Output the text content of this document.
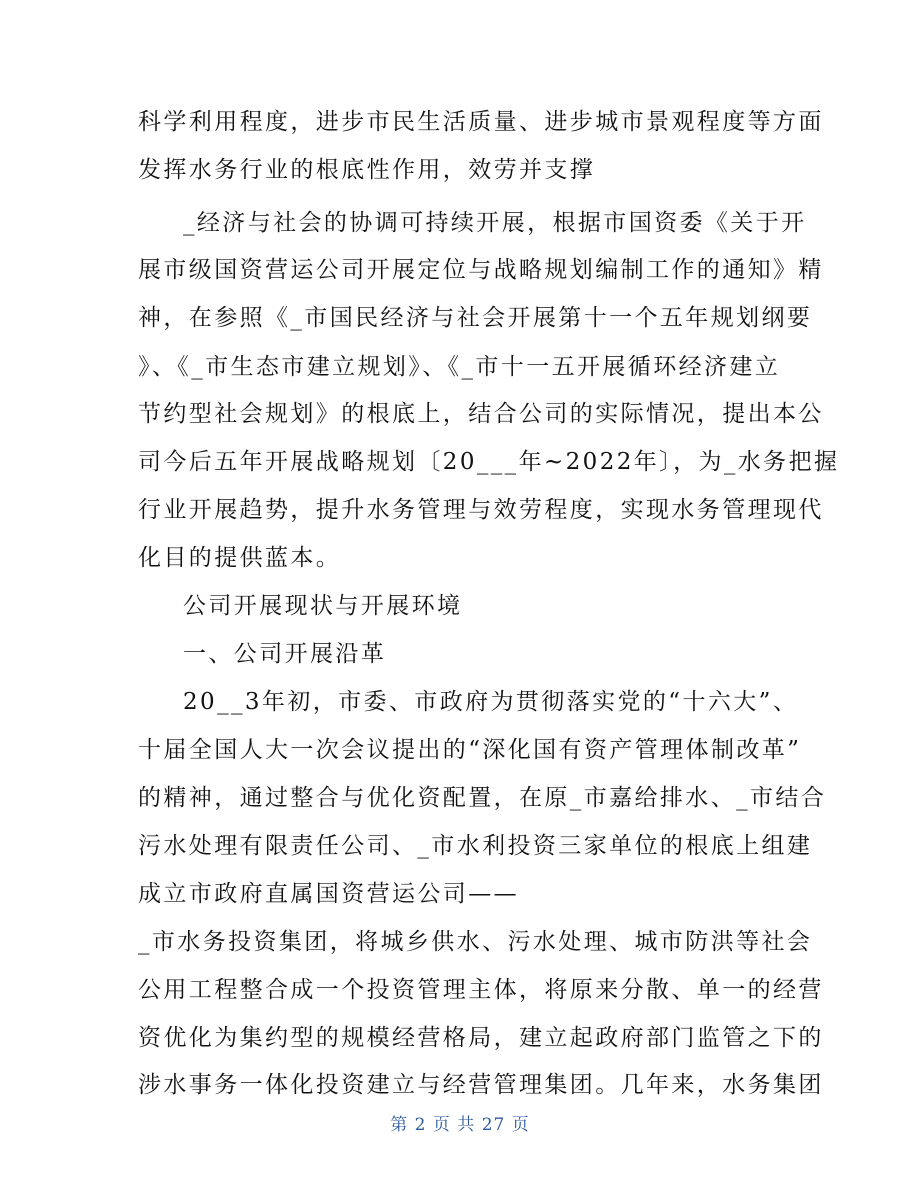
科学利用程度，进步市民生活质量、进步城市景观程度等方面
发挥水务行业的根底性作用，效劳并支撑
_经济与社会的协调可持续开展，根据市国资委《关于开
展市级国资营运公司开展定位与战略规划编制工作的通知》精
神，在参照《_市国民经济与社会开展第十一个五年规划纲要
》、《_市生态市建立规划》、《_市十一五开展循环经济建立
节约型社会规划》的根底上，结合公司的实际情况，提出本公
司今后五年开展战略规划〔20___年~2022年〕，为_水务把握
行业开展趋势，提升水务管理与效劳程度，实现水务管理现代
化目的提供蓝本。
公司开展现状与开展环境
一、公司开展沿革
20__3年初，市委、市政府为贯彻落实党的“十六大”、
十届全国人大一次会议提出的“深化国有资产管理体制改革”
的精神，通过整合与优化资配置，在原_市嘉给排水、_市结合
污水处理有限责任公司、_市水利投资三家单位的根底上组建
成立市政府直属国资营运公司——
_市水务投资集团，将城乡供水、污水处理、城市防洪等社会
公用工程整合成一个投资管理主体，将原来分散、单一的经营
资优化为集约型的规模经营格局，建立起政府部门监管之下的
涉水事务一体化投资建立与经营管理集团。几年来，水务集团
第 2 页 共 27 页
